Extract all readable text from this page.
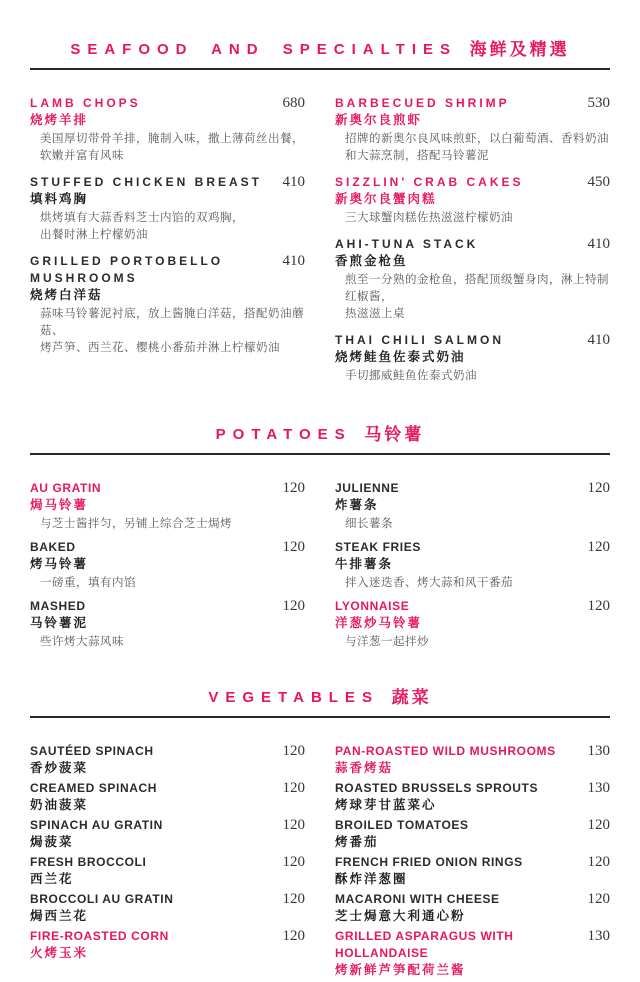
SEAFOOD AND SPECIALTIES 海鲜及精選
LAMB CHOPS
烧烤羊排
680
美国厚切带骨羊排，腌制入味，撒上薄荷丝出餐，
软嫩并富有风味
STUFFED CHICKEN BREAST
填料鸡胸
410
烘烤填有大蒜香料芝士内馅的双鸡胸，
出餐时淋上柠檬奶油
GRILLED PORTOBELLO MUSHROOMS
烧烤白洋菇
410
蒜味马铃薯泥衬底，放上酱腌白洋菇，搭配奶油蘑菇、
烤芦笋、西兰花、樱桃小番茄并淋上柠檬奶油
BARBECUED SHRIMP
新奥尔良煎虾
530
招牌的新奥尔良风味煎虾，以白葡萄酒、香料奶油
和大蒜烹制，搭配马铃薯泥
SIZZLIN' CRAB CAKES
新奥尔良蟹肉糕
450
三大球蟹肉糕佐热滋滋柠檬奶油
AHI-TUNA STACK
香煎金枪鱼
410
煎至一分熟的金枪鱼，搭配顶级蟹身肉，淋上特制红椒酱，
热滋滋上桌
THAI CHILI SALMON
烧烤鲑鱼佐泰式奶油
410
手切挪威鲑鱼佐泰式奶油
POTATOES 马铃薯
AU GRATIN
焗马铃薯
120
与芝士酱拌匀，另铺上综合芝士焗烤
BAKED
烤马铃薯
120
一磅重，填有内馅
MASHED
马铃薯泥
120
些许烤大蒜风味
JULIENNE
炸薯条
120
细长薯条
STEAK FRIES
牛排薯条
120
拌入迷迭香、烤大蒜和风干番茄
LYONNAISE
洋葱炒马铃薯
120
与洋葱一起拌炒
VEGETABLES 蔬菜
SAUTÉED SPINACH
香炒菠菜
120
CREAMED SPINACH
奶油菠菜
120
SPINACH AU GRATIN
焗菠菜
120
FRESH BROCCOLI
西兰花
120
BROCCOLI AU GRATIN
焗西兰花
120
FIRE-ROASTED CORN
火烤玉米
120
PAN-ROASTED WILD MUSHROOMS
蒜香烤菇
130
ROASTED BRUSSELS SPROUTS
烤球芽甘蓝菜心
130
BROILED TOMATOES
烤番茄
120
FRENCH FRIED ONION RINGS
酥炸洋葱圈
120
MACARONI WITH CHEESE
芝士焗意大利通心粉
120
GRILLED ASPARAGUS WITH HOLLANDAISE
烤新鲜芦笋配荷兰酱
130
